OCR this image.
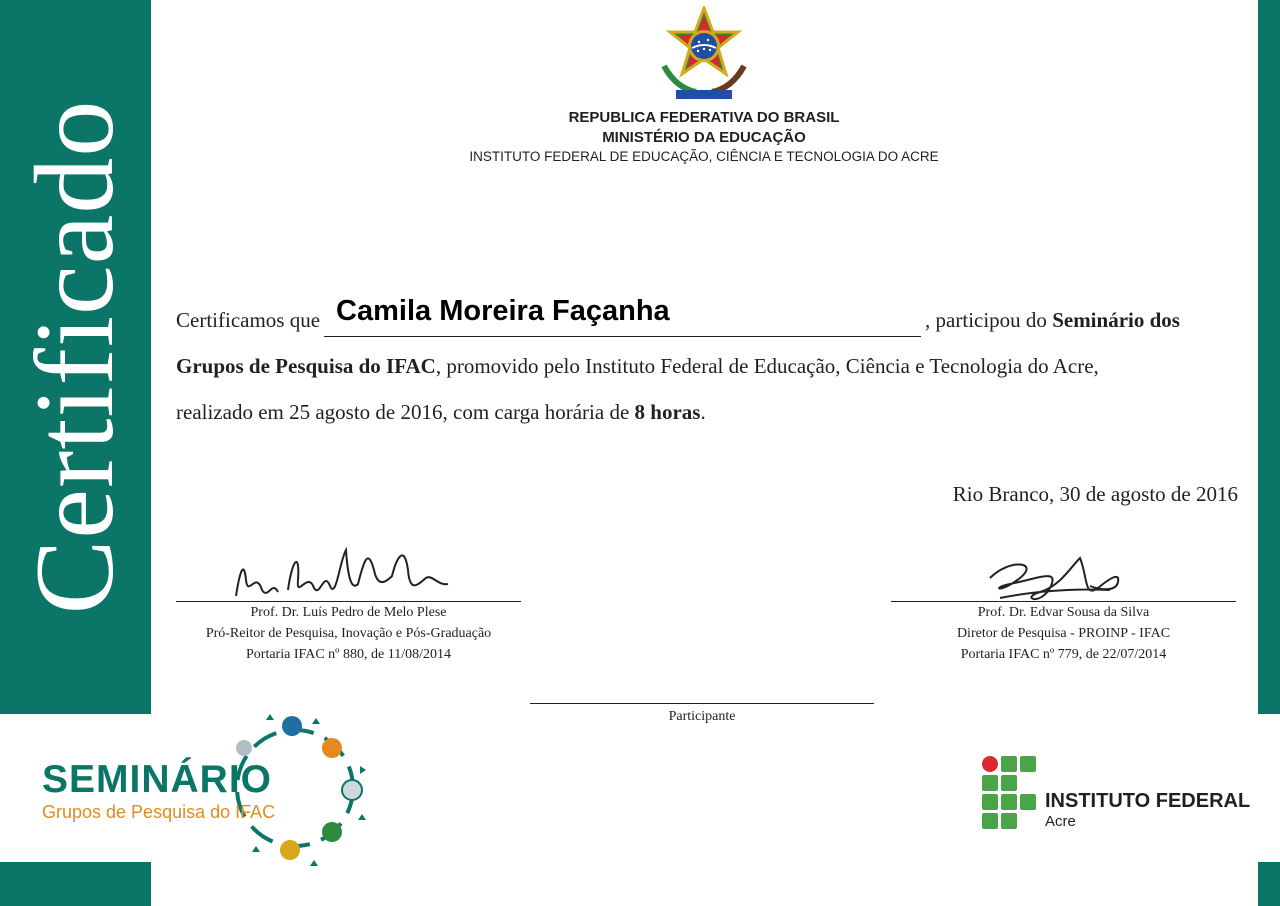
Certificado	REPUBLICA FEDERATIVA DO BRASIL
MINISTÉRIO DA EDUCAÇÃO
INSTITUTO FEDERAL DE EDUCAÇÃO, CIÊNCIA E TECNOLOGIA DO ACRE
Certificamos que Camila Moreira Façanha	, participou do
Seminário dos
Grupos de Pesquisa do IFAC, promovido pelo Instituto Federal de Educação, Ciência e Tecnologia do Acre,
realizado em 25 agosto de 2016, com carga horária de 8 horas.
Rio Branco, 30 de agosto de 2016
Prof. Dr. Luís Pedro de Melo Plese
Pró-Reitor de Pesquisa, Inovação e Pós-Graduação
Portaria IFAC nº 880, de 11/08/2014
Prof. Dr. Edvar Sousa da Silva
Diretor de Pesquisa - PROINP - IFAC
Portaria IFAC nº 779, de 22/07/2014
Participante
SEMINÁRIO
Grupos de Pesquisa do IFAC	INSTITUTO FEDERAL
Acre
